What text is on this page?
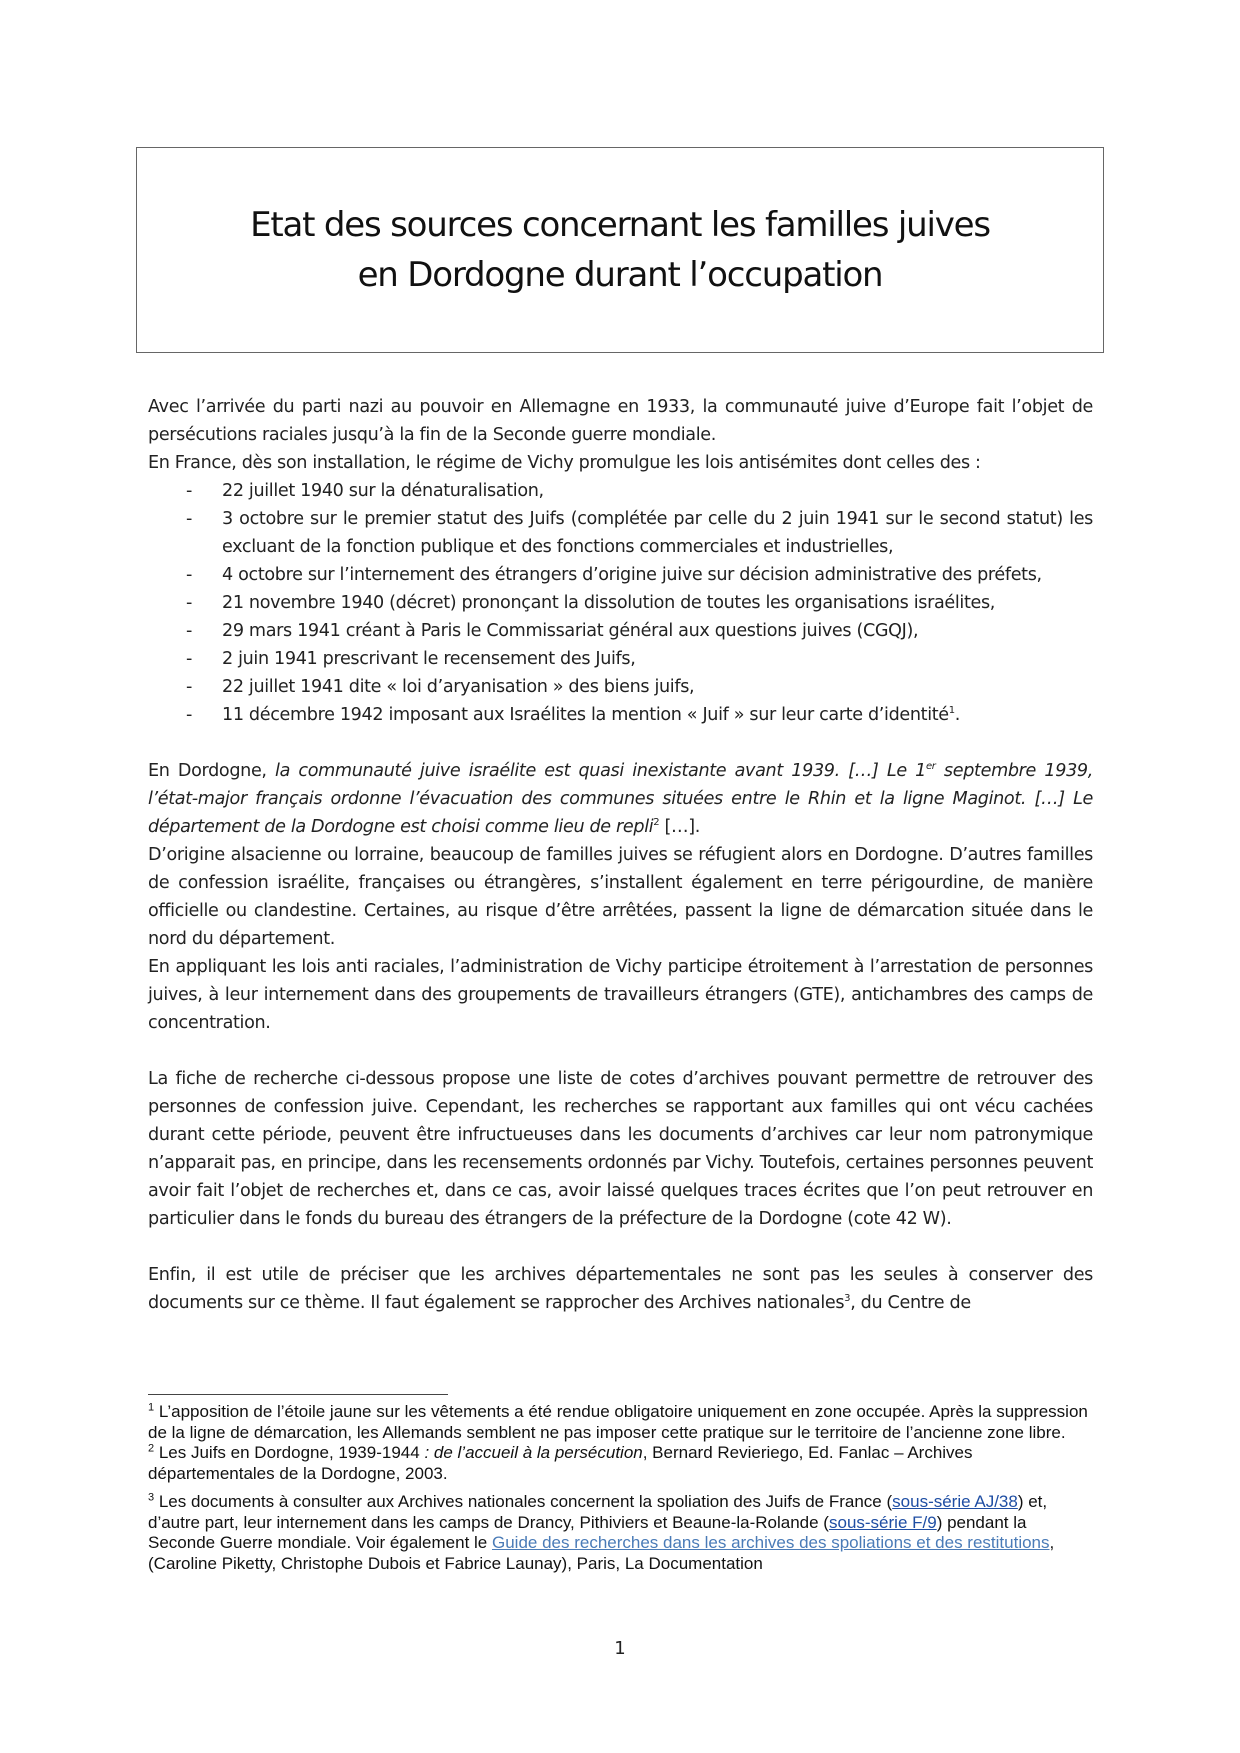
Etat des sources concernant les familles juives
en Dordogne durant l’occupation

Avec l’arrivée du parti nazi au pouvoir en Allemagne en 1933, la communauté juive d’Europe fait l’objet de persécutions raciales jusqu’à la fin de la Seconde guerre mondiale.

En France, dès son installation, le régime de Vichy promulgue les lois antisémites dont celles des :

- 22 juillet 1940 sur la dénaturalisation,
- 3 octobre sur le premier statut des Juifs (complétée par celle du 2 juin 1941 sur le second statut) les excluant de la fonction publique et des fonctions commerciales et industrielles,
- 4 octobre sur l’internement des étrangers d’origine juive sur décision administrative des préfets,
- 21 novembre 1940 (décret) prononçant la dissolution de toutes les organisations israélites,
- 29 mars 1941 créant à Paris le Commissariat général aux questions juives (CGQJ),
- 2 juin 1941 prescrivant le recensement des Juifs,
- 22 juillet 1941 dite « loi d’aryanisation » des biens juifs,
- 11 décembre 1942 imposant aux Israélites la mention « Juif » sur leur carte d’identité$^1$.

En Dordogne, la communauté juive israélite est quasi inexistante avant 1939. […] Le 1er septembre 1939, l’état-major français ordonne l’évacuation des communes situées entre le Rhin et la ligne Maginot. […] Le département de la Dordogne est choisi comme lieu de repli$^2$ […].

D’origine alsacienne ou lorraine, beaucoup de familles juives se réfugient alors en Dordogne. D’autres familles de confession israélite, françaises ou étrangères, s’installent également en terre périgourdine, de manière officielle ou clandestine. Certaines, au risque d’être arrêtées, passent la ligne de démarcation située dans le nord du département.

En appliquant les lois anti raciales, l’administration de Vichy participe étroitement à l’arrestation de personnes juives, à leur internement dans des groupements de travailleurs étrangers (GTE), antichambres des camps de concentration.

La fiche de recherche ci-dessous propose une liste de cotes d’archives pouvant permettre de retrouver des personnes de confession juive. Cependant, les recherches se rapportant aux familles qui ont vécu cachées durant cette période, peuvent être infructueuses dans les documents d’archives car leur nom patronymique n’apparait pas, en principe, dans les recensements ordonnés par Vichy. Toutefois, certaines personnes peuvent avoir fait l’objet de recherches et, dans ce cas, avoir laissé quelques traces écrites que l’on peut retrouver en particulier dans le fonds du bureau des étrangers de la préfecture de la Dordogne (cote 42 W).

Enfin, il est utile de préciser que les archives départementales ne sont pas les seules à conserver des documents sur ce thème. Il faut également se rapprocher des Archives nationales$^3$, du Centre de

$^1$ L’apposition de l’étoile jaune sur les vêtements a été rendue obligatoire uniquement en zone occupée. Après la suppression de la ligne de démarcation, les Allemands semblent ne pas imposer cette pratique sur le territoire de l’ancienne zone libre.

$^2$ Les Juifs en Dordogne, 1939-1944 : de l’accueil à la persécution, Bernard Revieriego, Ed. Fanlac – Archives départementales de la Dordogne, 2003.

$^3$ Les documents à consulter aux Archives nationales concernent la spoliation des Juifs de France (sous-série AJ/38) et, d’autre part, leur internement dans les camps de Drancy, Pithiviers et Beaune-la-Rolande (sous-série F/9) pendant la Seconde Guerre mondiale. Voir également le Guide des recherches dans les archives des spoliations et des restitutions, (Caroline Piketty, Christophe Dubois et Fabrice Launay), Paris, La Documentation

1
